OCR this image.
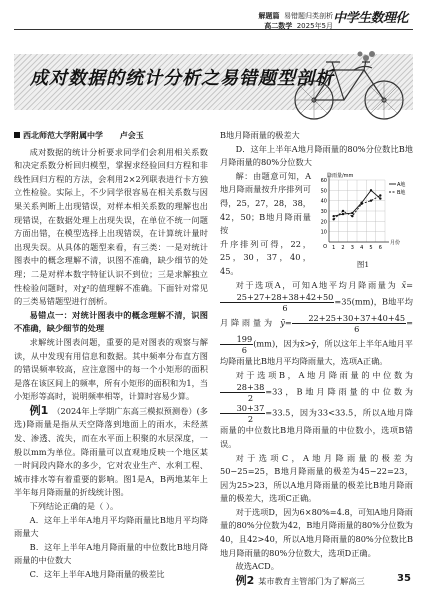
解题篇 易错题归类剖析
高二数学 2025年5月 中学生数理化
成对数据的统计分析之易错题型剖析
西北师范大学附属中学 卢会玉

成对数据的统计分析要求同学们会利用相关系数和决定系数分析回归模型，掌握求经验回归方程和非线性回归方程的方法，会利用2×2列联表进行卡方独立性检验。实际上，不少同学很容易在相关系数与因果关系判断上出现错误，对样本相关系数的理解也出现错误，在数据处理上出现失误，在单位不统一问题方面出错，在模型选择上出现错误，在计算统计量时出现失误。从具体的题型来看，有三类：一是对统计图表中的概念理解不清，识图不准确，缺少细节的处理；二是对样本数字特征认识不到位；三是求解独立性检验问题时，对χ²的值理解不准确。下面针对常见的三类易错题型进行剖析。

易错点一：对统计图表中的概念理解不清，识图不准确，缺少细节的处理

求解统计图表问题，重要的是对图表的观察与解读，从中发现有用信息和数据。其中频率分布直方图的错误频率较高，应注意图中的每一个小矩形的面积是落在该区间上的频率，所有小矩形的面积和为1，当小矩形等高时，说明频率相等，计算时容易少算。

例1 （2024年上学期广东高三模拟预测卷）(多选)降雨量是指从天空降落到地面上的雨水，未经蒸发、渗透、流失，而在水平面上积聚的水层深度，一般以mm为单位。降雨量可以直观地反映一个地区某一时间段内降水的多少，它对农业生产、水利工程、城市排水等有着重要的影响。图1是A，B两地某年上半年每月降雨量的折线统计图。

下列结论正确的是（ ）。

A．这年上半年A地月平均降雨量比B地月平均降雨量大

B．这年上半年A地月降雨量的中位数比B地月降雨量的中位数大

C．这年上半年A地月降雨量的极差比

B地月降雨量的极差大

D．这年上半年A地月降雨量的80%分位数比B地月降雨量的80%分位数大

降雨量/mm
月份
10
20
30
40
50
60
O 1 2 3 4 5 6
A地
B地
图1

解：由题意可知，A地月降雨量按升序排列可得，25，27，28，38，42，50；B地月降雨量按

升序排列可得，22，25，30，37，40，45。

对于选项A，可知A地平均月降雨量为 x̄=
$\frac{25+27+28+38+42+50}{6} =35(mm)$，B地平均月降雨量为 ȳ= $\frac{22+25+30+37+40+45}{6}$ =
$\frac{199}{6} (mm)$，因为x̄>ȳ，所以这年上半年A地月平均降雨量比B地月平均降雨量大，选项A正确。

对于选项B，A地月降雨量的中位数为
$\frac{28+38}{2} =33$，B地月降雨量的中位数为
$\frac{30+37}{2} =33.5$，因为33<33.5，所以A地月降雨量的中位数比B地月降雨量的中位数小，选项B错误。

对于选项C，A地月降雨量的极差为50−25=25，B地月降雨量的极差为45−22=23，因为25>23，所以A地月降雨量的极差比B地月降雨量的极差大，选项C正确。

对于选项D，因为6×80%=4.8，可知A地月降雨量的80%分位数为42，B地月降雨量的80%分位数为40，且42>40，所以A地月降雨量的80%分位数比B地月降雨量的80%分位数大，选项D正确。

故选ACD。

例2 某市教育主管部门为了解高三	35
